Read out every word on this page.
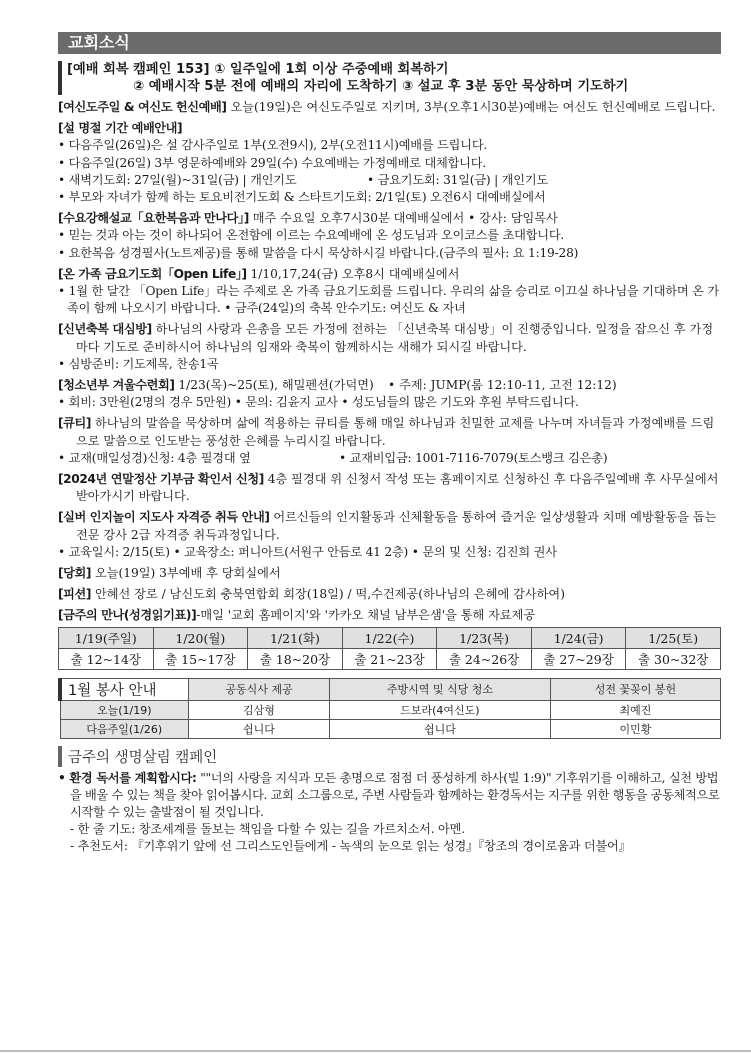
교회소식
[예배 회복 캠페인 153] ① 일주일에 1회 이상 주중예배 회복하기
② 예배시작 5분 전에 예배의 자리에 도착하기 ③ 설교 후 3분 동안 묵상하며 기도하기
[여신도주일 & 여신도 헌신예배] 오늘(19일)은 여신도주일로 지키며, 3부(오후1시30분)예배는 여신도 헌신예배로 드립니다.
[설 명절 기간 예배안내]
• 다음주일(26일)은 설 감사주일로 1부(오전9시), 2부(오전11시)예배를 드립니다.
• 다음주일(26일) 3부 영문하예배와 29일(수) 수요예배는 가정예배로 대체합니다.
• 새벽기도회: 27일(월)~31일(금) | 개인기도	• 금요기도회: 31일(금) | 개인기도
• 부모와 자녀가 함께 하는 토요비전기도회 & 스타트기도회: 2/1일(토) 오전6시 대예배실에서
[수요강해설교「요한복음과 만나다」] 매주 수요일 오후7시30분 대예배실에서 • 강사: 담임목사
• 믿는 것과 아는 것이 하나되어 온전함에 이르는 수요예배에 온 성도님과 오이코스를 초대합니다.
• 요한복음 성경필사(노트제공)를 통해 말씀을 다시 묵상하시길 바랍니다.(금주의 필사: 요 1:19-28)
[온 가족 금요기도회「Open Life」] 1/10,17,24(금) 오후8시 대예배실에서
• 1월 한 달간 「Open Life」라는 주제로 온 가족 금요기도회를 드립니다. 우리의 삶을 승리로 이끄실 하나님을 기대하며 온 가족이 함께 나오시기 바랍니다. • 금주(24일)의 축복 안수기도: 여신도 & 자녀
[신년축복 대심방] 하나님의 사랑과 은총을 모든 가정에 전하는 「신년축복 대심방」이 진행중입니다. 일정을 잡으신 후 가정마다 기도로 준비하시어 하나님의 임재와 축복이 함께하시는 새해가 되시길 바랍니다.
• 심방준비: 기도제목, 찬송1곡
[청소년부 겨울수련회] 1/23(목)~25(토), 해밀펜션(가덕면)	• 주제: JUMP(롬 12:10-11, 고전 12:12)
• 회비: 3만원(2명의 경우 5만원) • 문의: 김윤지 교사 • 성도님들의 많은 기도와 후원 부탁드립니다.
[큐티] 하나님의 말씀을 묵상하며 삶에 적용하는 큐티를 통해 매일 하나님과 친밀한 교제를 나누며 자녀들과 가정예배를 드림으로 말씀으로 인도받는 풍성한 은혜를 누리시길 바랍니다.
• 교재(매일성경)신청: 4층 필경대 옆	• 교재비입금: 1001-7116-7079(토스뱅크 김은총)
[2024년 연말정산 기부금 확인서 신청] 4층 필경대 위 신청서 작성 또는 홈페이지로 신청하신 후 다음주일예배 후 사무실에서 받아가시기 바랍니다.
[실버 인지놀이 지도사 자격증 취득 안내] 어르신들의 인지활동과 신체활동을 통하여 즐거운 일상생활과 치매 예방활동을 돕는 전문 강사 2급 자격증 취득과정입니다.
• 교육일시: 2/15(토) • 교육장소: 퍼니아트(서원구 안듬로 41 2층) • 문의 및 신청: 김진희 권사
[당회] 오늘(19일) 3부예배 후 당회실에서
[피션] 안혜선 장로 / 남신도회 충북연합회 회장(18일) / 떡,수건제공(하나님의 은혜에 감사하여)
[금주의 만나(성경읽기표)]-매일 '교회 홈페이지'와 '카카오 채널 남부은샘'을 통해 자료제공
1/19(주일)	1/20(월)	1/21(화)	1/22(수)	1/23(목)	1/24(금)	1/25(토)
출 12~14장	출 15~17장	출 18~20장	출 21~23장	출 24~26장	출 27~29장	출 30~32장
1월 봉사 안내	공동식사 제공	주방시역 및 식당 청소	성전 꽃꽂이 봉헌
오늘(1/19)	김삼형	드보라(4여신도)	최예진
다음주일(1/26)	쉽니다	쉽니다	이민황
금주의 생명살림 캠페인
• 환경 독서를 계획합시다: ""너의 사랑을 지식과 모든 총명으로 점점 더 풍성하게 하사(빌 1:9)" 기후위기를 이해하고, 실천 방법을 배울 수 있는 책을 찾아 읽어봅시다. 교회 소그룹으로, 주변 사람들과 함께하는 환경독서는 지구를 위한 행동을 공동체적으로 시작할 수 있는 출발점이 될 것입니다.
- 한 줄 기도: 창조세계를 돌보는 책임을 다할 수 있는 길을 가르치소서. 아멘.
- 추천도서: 『기후위기 앞에 선 그리스도인들에게 - 녹색의 눈으로 읽는 성경』『창조의 경이로움과 더불어』
